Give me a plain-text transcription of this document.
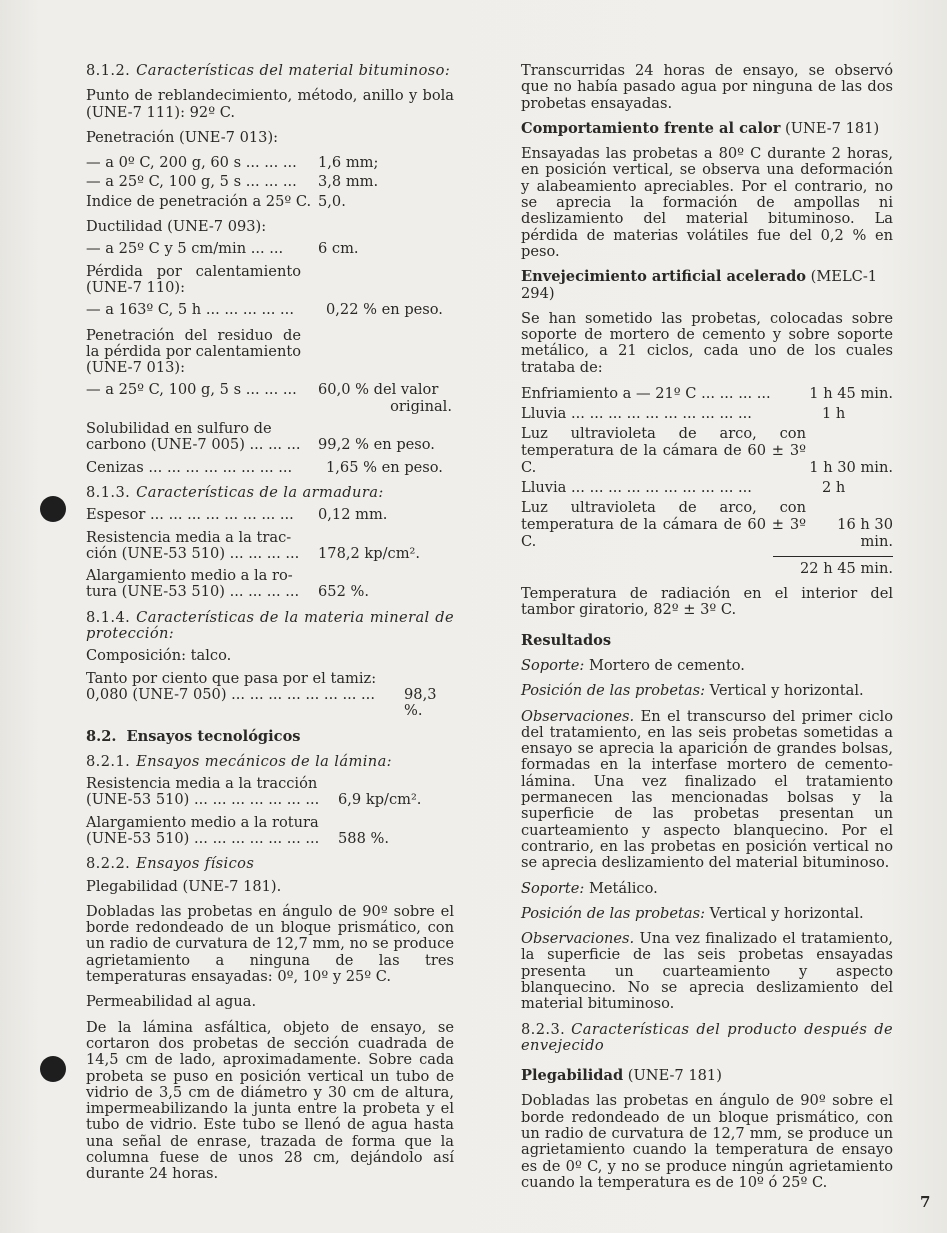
8.1.2. Características del material bituminoso:

Punto de reblandecimiento, método, anillo y bola (UNE-7 111): 92º C.

Penetración (UNE-7 013):

— a 0º C, 200 g, 60 s ... ... ...	1,6 mm;
— a 25º C, 100 g, 5 s ... ... ...	3,8 mm.
Indice de penetración a 25º C. 5,0.

Ductilidad (UNE-7 093):

— a 25º C y 5 cm/min ... ...	6 cm.

Pérdida por calentamiento (UNE-7 110):

— a 163º C, 5 h ... ... ... ... ...	0,22 % en peso.

Penetración del residuo de la pérdida por calentamiento (UNE-7 013):

— a 25º C, 100 g, 5 s ... ... ...	60,0 % del valor

original.

Solubilidad en sulfuro de

carbono (UNE-7 005) ... ... ...	99,2 % en peso.
Cenizas ... ... ... ... ... ... ... ...	1,65 % en peso.

8.1.3. Características de la armadura:

Espesor ... ... ... ... ... ... ... ...	0,12 mm.

Resistencia media a la trac-

ción (UNE-53 510) ... ... ... ...	178,2 kp/cm².

Alargamiento medio a la ro-

tura (UNE-53 510) ... ... ... ...	652 %.

8.1.4. Características de la materia mineral de protección:

Composición: talco.

Tanto por ciento que pasa por el tamiz:

0,080 (UNE-7 050) ... ... ... ... ... ... ... ...	98,3 %.

8.2. Ensayos tecnológicos

8.2.1. Ensayos mecánicos de la lámina:

Resistencia media a la tracción

(UNE-53 510) ... ... ... ... ... ... ...	6,9 kp/cm².

Alargamiento medio a la rotura

(UNE-53 510) ... ... ... ... ... ... ...	588 %.

8.2.2. Ensayos físicos

Plegabilidad (UNE-7 181).

Dobladas las probetas en ángulo de 90º sobre el borde redondeado de un bloque prismático, con un radio de curvatura de 12,7 mm, no se produce agrietamiento a ninguna de las tres temperaturas ensayadas: 0º, 10º y 25º C.

Permeabilidad al agua.

De la lámina asfáltica, objeto de ensayo, se cortaron dos probetas de sección cuadrada de 14,5 cm de lado, aproximadamente. Sobre cada probeta se puso en posición vertical un tubo de vidrio de 3,5 cm de diámetro y 30 cm de altura, impermeabilizando la junta entre la probeta y el tubo de vidrio. Este tubo se llenó de agua hasta una señal de enrase, trazada de forma que la columna fuese de unos 28 cm, dejándolo así durante 24 horas.

Transcurridas 24 horas de ensayo, se observó que no había pasado agua por ninguna de las dos probetas ensayadas.

Comportamiento frente al calor (UNE-7 181)

Ensayadas las probetas a 80º C durante 2 horas, en posición vertical, se observa una deformación y alabeamiento apreciables. Por el contrario, no se aprecia la formación de ampollas ni deslizamiento del material bituminoso. La pérdida de materias volátiles fue del 0,2 % en peso.

Envejecimiento artificial acelerado (MELC-1 294)

Se han sometido las probetas, colocadas sobre soporte de mortero de cemento y sobre soporte metálico, a 21 ciclos, cada uno de los cuales trataba de:

Enfriamiento a — 21º C ... ... ... ...	1 h 45 min.
Lluvia ... ... ... ... ... ... ... ... ... ...	1 h
Luz ultravioleta de arco, con temperatura de la cámara de 60 ± 3º C.	1 h 30 min.
Lluvia ... ... ... ... ... ... ... ... ... ...	2 h
Luz ultravioleta de arco, con temperatura de la cámara de 60 ± 3º C.
16 h 30 min.
22 h 45 min.

Temperatura de radiación en el interior del tambor giratorio, 82º ± 3º C.

Resultados

Soporte: Mortero de cemento.

Posición de las probetas: Vertical y horizontal.

Observaciones. En el transcurso del primer ciclo del tratamiento, en las seis probetas sometidas a ensayo se aprecia la aparición de grandes bolsas, formadas en la interfase mortero de cemento-lámina. Una vez finalizado el tratamiento permanecen las mencionadas bolsas y la superficie de las probetas presentan un cuarteamiento y aspecto blanquecino. Por el contrario, en las probetas en posición vertical no se aprecia deslizamiento del material bituminoso.

Soporte: Metálico.

Posición de las probetas: Vertical y horizontal.

Observaciones. Una vez finalizado el tratamiento, la superficie de las seis probetas ensayadas presenta un cuarteamiento y aspecto blanquecino. No se aprecia deslizamiento del material bituminoso.

8.2.3. Características del producto después de envejecido

Plegabilidad (UNE-7 181)

Dobladas las probetas en ángulo de 90º sobre el borde redondeado de un bloque prismático, con un radio de curvatura de 12,7 mm, se produce un agrietamiento cuando la temperatura de ensayo es de 0º C, y no se produce ningún agrietamiento cuando la temperatura es de 10º ó 25º C.

7
